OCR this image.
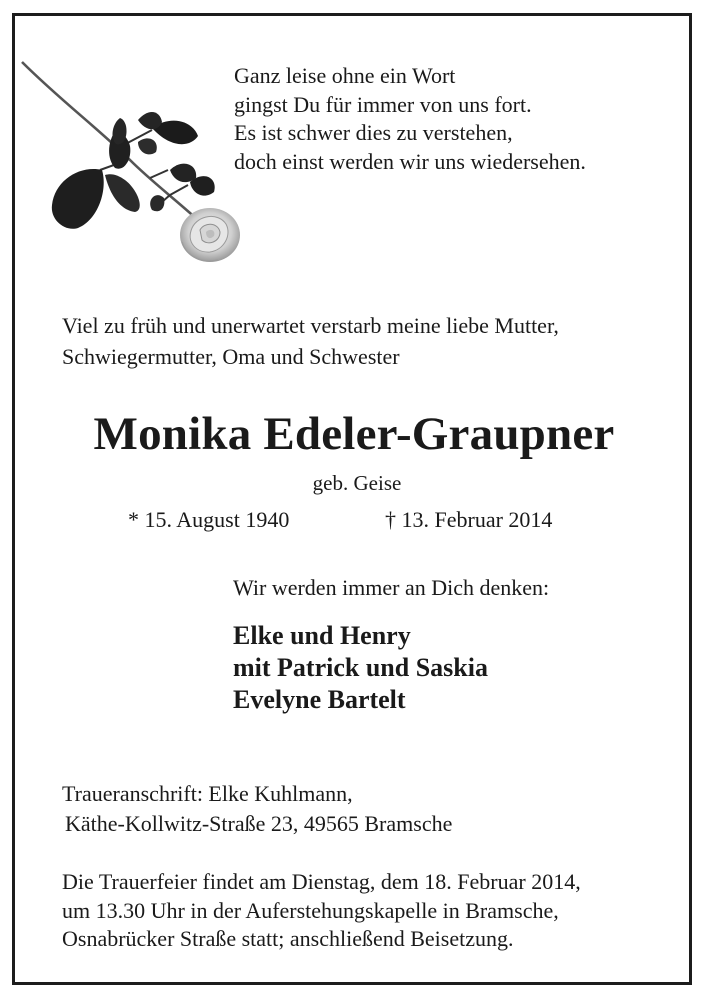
Ganz leise ohne ein Wort
gingst Du für immer von uns fort.
Es ist schwer dies zu verstehen,
doch einst werden wir uns wiedersehen.
Viel zu früh und unerwartet verstarb meine liebe Mutter,
Schwiegermutter, Oma und Schwester
Monika Edeler-Graupner
geb. Geise
* 15. August 1940	† 13. Februar 2014
Wir werden immer an Dich denken:
Elke und Henry
mit Patrick und Saskia
Evelyne Bartelt
Traueranschrift: Elke Kuhlmann,
Käthe-Kollwitz-Straße 23, 49565 Bramsche
Die Trauerfeier findet am Dienstag, dem 18. Februar 2014,
um 13.30 Uhr in der Auferstehungskapelle in Bramsche,
Osnabrücker Straße statt; anschließend Beisetzung.
